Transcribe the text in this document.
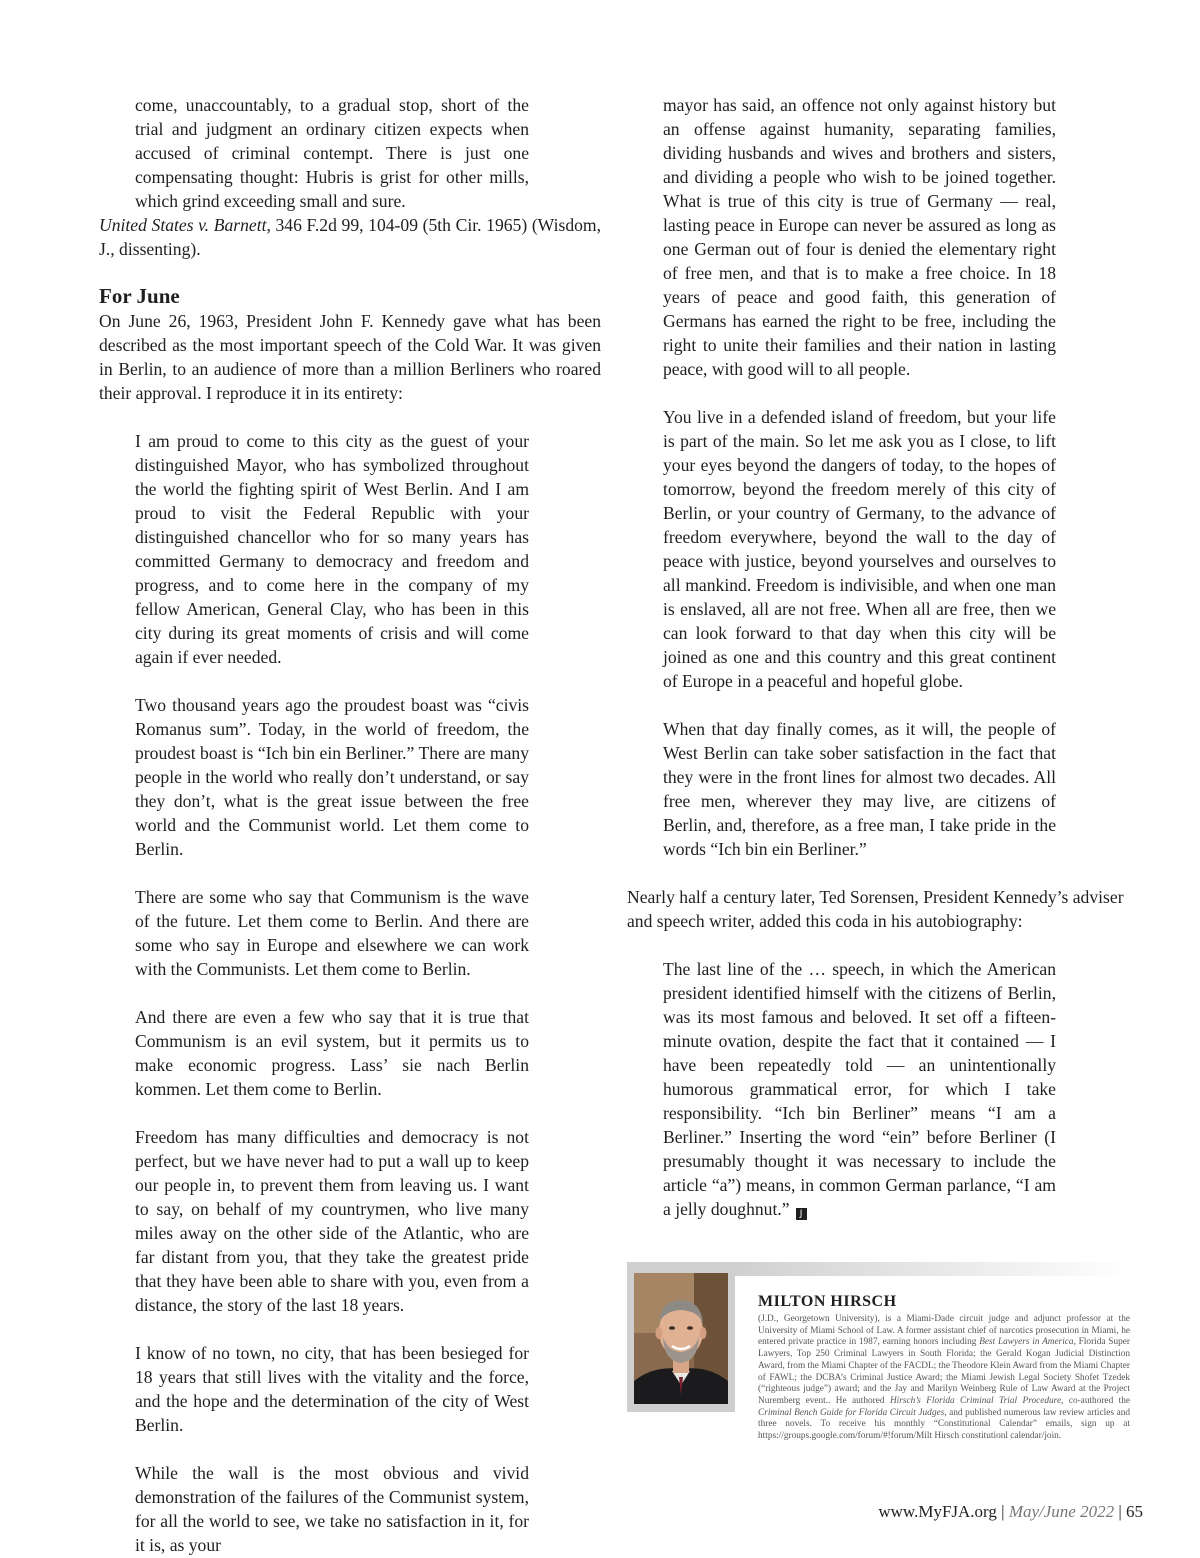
come, unaccountably, to a gradual stop, short of the trial and judgment an ordinary citizen expects when accused of criminal contempt. There is just one compensating thought: Hubris is grist for other mills, which grind exceeding small and sure.

United States v. Barnett, 346 F.2d 99, 104-09 (5th Cir. 1965) (Wisdom, J., dissenting).

For June

On June 26, 1963, President John F. Kennedy gave what has been described as the most important speech of the Cold War. It was given in Berlin, to an audience of more than a million Berliners who roared their approval. I reproduce it in its entirety:

I am proud to come to this city as the guest of your distinguished Mayor, who has symbolized throughout the world the fighting spirit of West Berlin. And I am proud to visit the Federal Republic with your distinguished chancellor who for so many years has committed Germany to democracy and freedom and progress, and to come here in the company of my fellow American, General Clay, who has been in this city during its great moments of crisis and will come again if ever needed.

Two thousand years ago the proudest boast was “civis Romanus sum”. Today, in the world of freedom, the proudest boast is “Ich bin ein Berliner.” There are many people in the world who really don’t understand, or say they don’t, what is the great issue between the free world and the Communist world. Let them come to Berlin.

There are some who say that Communism is the wave of the future. Let them come to Berlin. And there are some who say in Europe and elsewhere we can work with the Communists. Let them come to Berlin.

And there are even a few who say that it is true that Communism is an evil system, but it permits us to make economic progress. Lass’ sie nach Berlin kommen. Let them come to Berlin.

Freedom has many difficulties and democracy is not perfect, but we have never had to put a wall up to keep our people in, to prevent them from leaving us. I want to say, on behalf of my countrymen, who live many miles away on the other side of the Atlantic, who are far distant from you, that they take the greatest pride that they have been able to share with you, even from a distance, the story of the last 18 years.

I know of no town, no city, that has been besieged for 18 years that still lives with the vitality and the force, and the hope and the determination of the city of West Berlin.

While the wall is the most obvious and vivid demonstration of the failures of the Communist system, for all the world to see, we take no satisfaction in it, for it is, as your

mayor has said, an offence not only against history but an offense against humanity, separating families, dividing husbands and wives and brothers and sisters, and dividing a people who wish to be joined together. What is true of this city is true of Germany — real, lasting peace in Europe can never be assured as long as one German out of four is denied the elementary right of free men, and that is to make a free choice. In 18 years of peace and good faith, this generation of Germans has earned the right to be free, including the right to unite their families and their nation in lasting peace, with good will to all people.

You live in a defended island of freedom, but your life is part of the main. So let me ask you as I close, to lift your eyes beyond the dangers of today, to the hopes of tomorrow, beyond the freedom merely of this city of Berlin, or your country of Germany, to the advance of freedom everywhere, beyond the wall to the day of peace with justice, beyond yourselves and ourselves to all mankind. Freedom is indivisible, and when one man is enslaved, all are not free. When all are free, then we can look forward to that day when this city will be joined as one and this country and this great continent of Europe in a peaceful and hopeful globe.

When that day finally comes, as it will, the people of West Berlin can take sober satisfaction in the fact that they were in the front lines for almost two decades. All free men, wherever they may live, are citizens of Berlin, and, therefore, as a free man, I take pride in the words “Ich bin ein Berliner.”

Nearly half a century later, Ted Sorensen, President Kennedy’s adviser and speech writer, added this coda in his autobiography:

The last line of the … speech, in which the American president identified himself with the citizens of Berlin, was its most famous and beloved. It set off a fifteen-minute ovation, despite the fact that it contained — I have been repeatedly told — an unintentionally humorous grammatical error, for which I take responsibility. “Ich bin Berliner” means “I am a Berliner.” Inserting the word “ein” before Berliner (I presumably thought it was necessary to include the article “a”) means, in common German parlance, “I am a jelly doughnut.” J

MILTON HIRSCH
(J.D., Georgetown University), is a Miami-Dade circuit judge and adjunct professor at the University of Miami School of Law. A former assistant chief of narcotics prosecution in Miami, he entered private practice in 1987, earning honors including Best Lawyers in America, Florida Super Lawyers, Top 250 Criminal Lawyers in South Florida; the Gerald Kogan Judicial Distinction Award, from the Miami Chapter of the FACDL; the Theodore Klein Award from the Miami Chapter of FAWL; the DCBA’s Criminal Justice Award; the Miami Jewish Legal Society Shofet Tzedek (“righteous judge”) award; and the Jay and Marilyn Weinberg Rule of Law Award at the Project Nuremberg event.. He authored Hirsch’s Florida Criminal Trial Procedure, co-authored the Criminal Bench Guide for Florida Circuit Judges, and published numerous law review articles and three novels. To receive his monthly “Constitutional Calendar” emails, sign up at https://groups.google.com/forum/#!forum/Milt Hirsch constitutionl calendar/join.
www.MyFJA.org | May/June 2022 | 65
